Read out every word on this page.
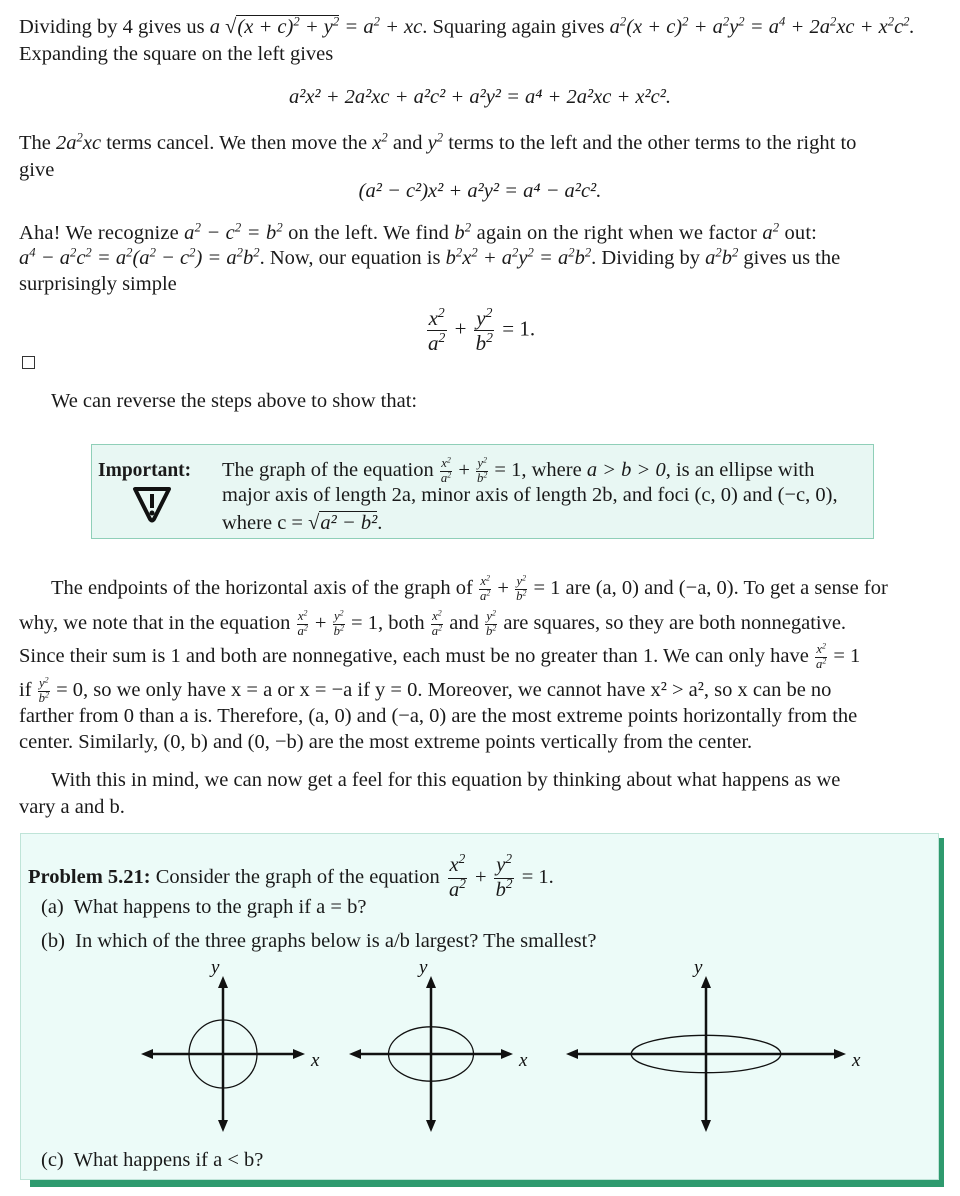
Dividing by 4 gives us a $√(x + c)^2 + y^2 = a^2$ + xc. Squaring again gives $a^2(x + c)^2 + a^2y^2 = a^4 + 2a^2xc + x^2c^2$.
Expanding the square on the left gives
a²x² + 2a²xc + a²c² + a²y² = a⁴ + 2a²xc + x²c².
The $2a^2xc$ terms cancel. We then move the $x^2$ and $y^2$ terms to the left and the other terms to the right to
give
(a² − c²)x² + a²y² = a⁴ − a²c².
Aha! We recognize $a^2 - c^2 = b^2$ on the left. We find $b^2$ again on the right when we factor $a^2$ out:
$a^4 - a^2c^2 = a^2(a^2 - c^2) = a^2b^2$. Now, our equation is $b^2x^2 + a^2y^2 = a^2b^2$. Dividing by $a^2b^2$ gives us the
surprisingly simple
$\frac{x^2}{a^2} + \frac{y^2}{b^2} = 1$.
We can reverse the steps above to show that:
Important: The graph of the equation $\frac{x^2}{a^2} + \frac{y^2}{b^2} = 1$, where a > b > 0, is an ellipse with
major axis of length 2a, minor axis of length 2b, and foci (c, 0) and (−c, 0),
where c = √a² − b².
The endpoints of the horizontal axis of the graph of $\frac{x^2}{a^2} + \frac{y^2}{b^2} = 1$ are (a, 0) and (−a, 0). To get a sense for
why, we note that in the equation $\frac{x^2}{a^2} + \frac{y^2}{b^2} = 1$, both $\frac{x^2}{a^2}$ and $\frac{y^2}{b^2}$ are squares, so they are both nonnegative.
Since their sum is 1 and both are nonnegative, each must be no greater than 1. We can only have $\frac{x^2}{a^2} = 1$
if $\frac{y^2}{b^2} = 0$, so we only have x = a or x = −a if y = 0. Moreover, we cannot have x² > a², so x can be no
farther from 0 than a is. Therefore, (a, 0) and (−a, 0) are the most extreme points horizontally from the
center. Similarly, (0, b) and (0, −b) are the most extreme points vertically from the center.
With this in mind, we can now get a feel for this equation by thinking about what happens as we
vary a and b.
Problem 5.21: Consider the graph of the equation $\frac{x^2}{a^2} + \frac{y^2}{b^2} = 1$.
(a) What happens to the graph if a = b?
(b) In which of the three graphs below is a/b largest? The smallest?
x
y
x
y
x
y
(c) What happens if a < b?
